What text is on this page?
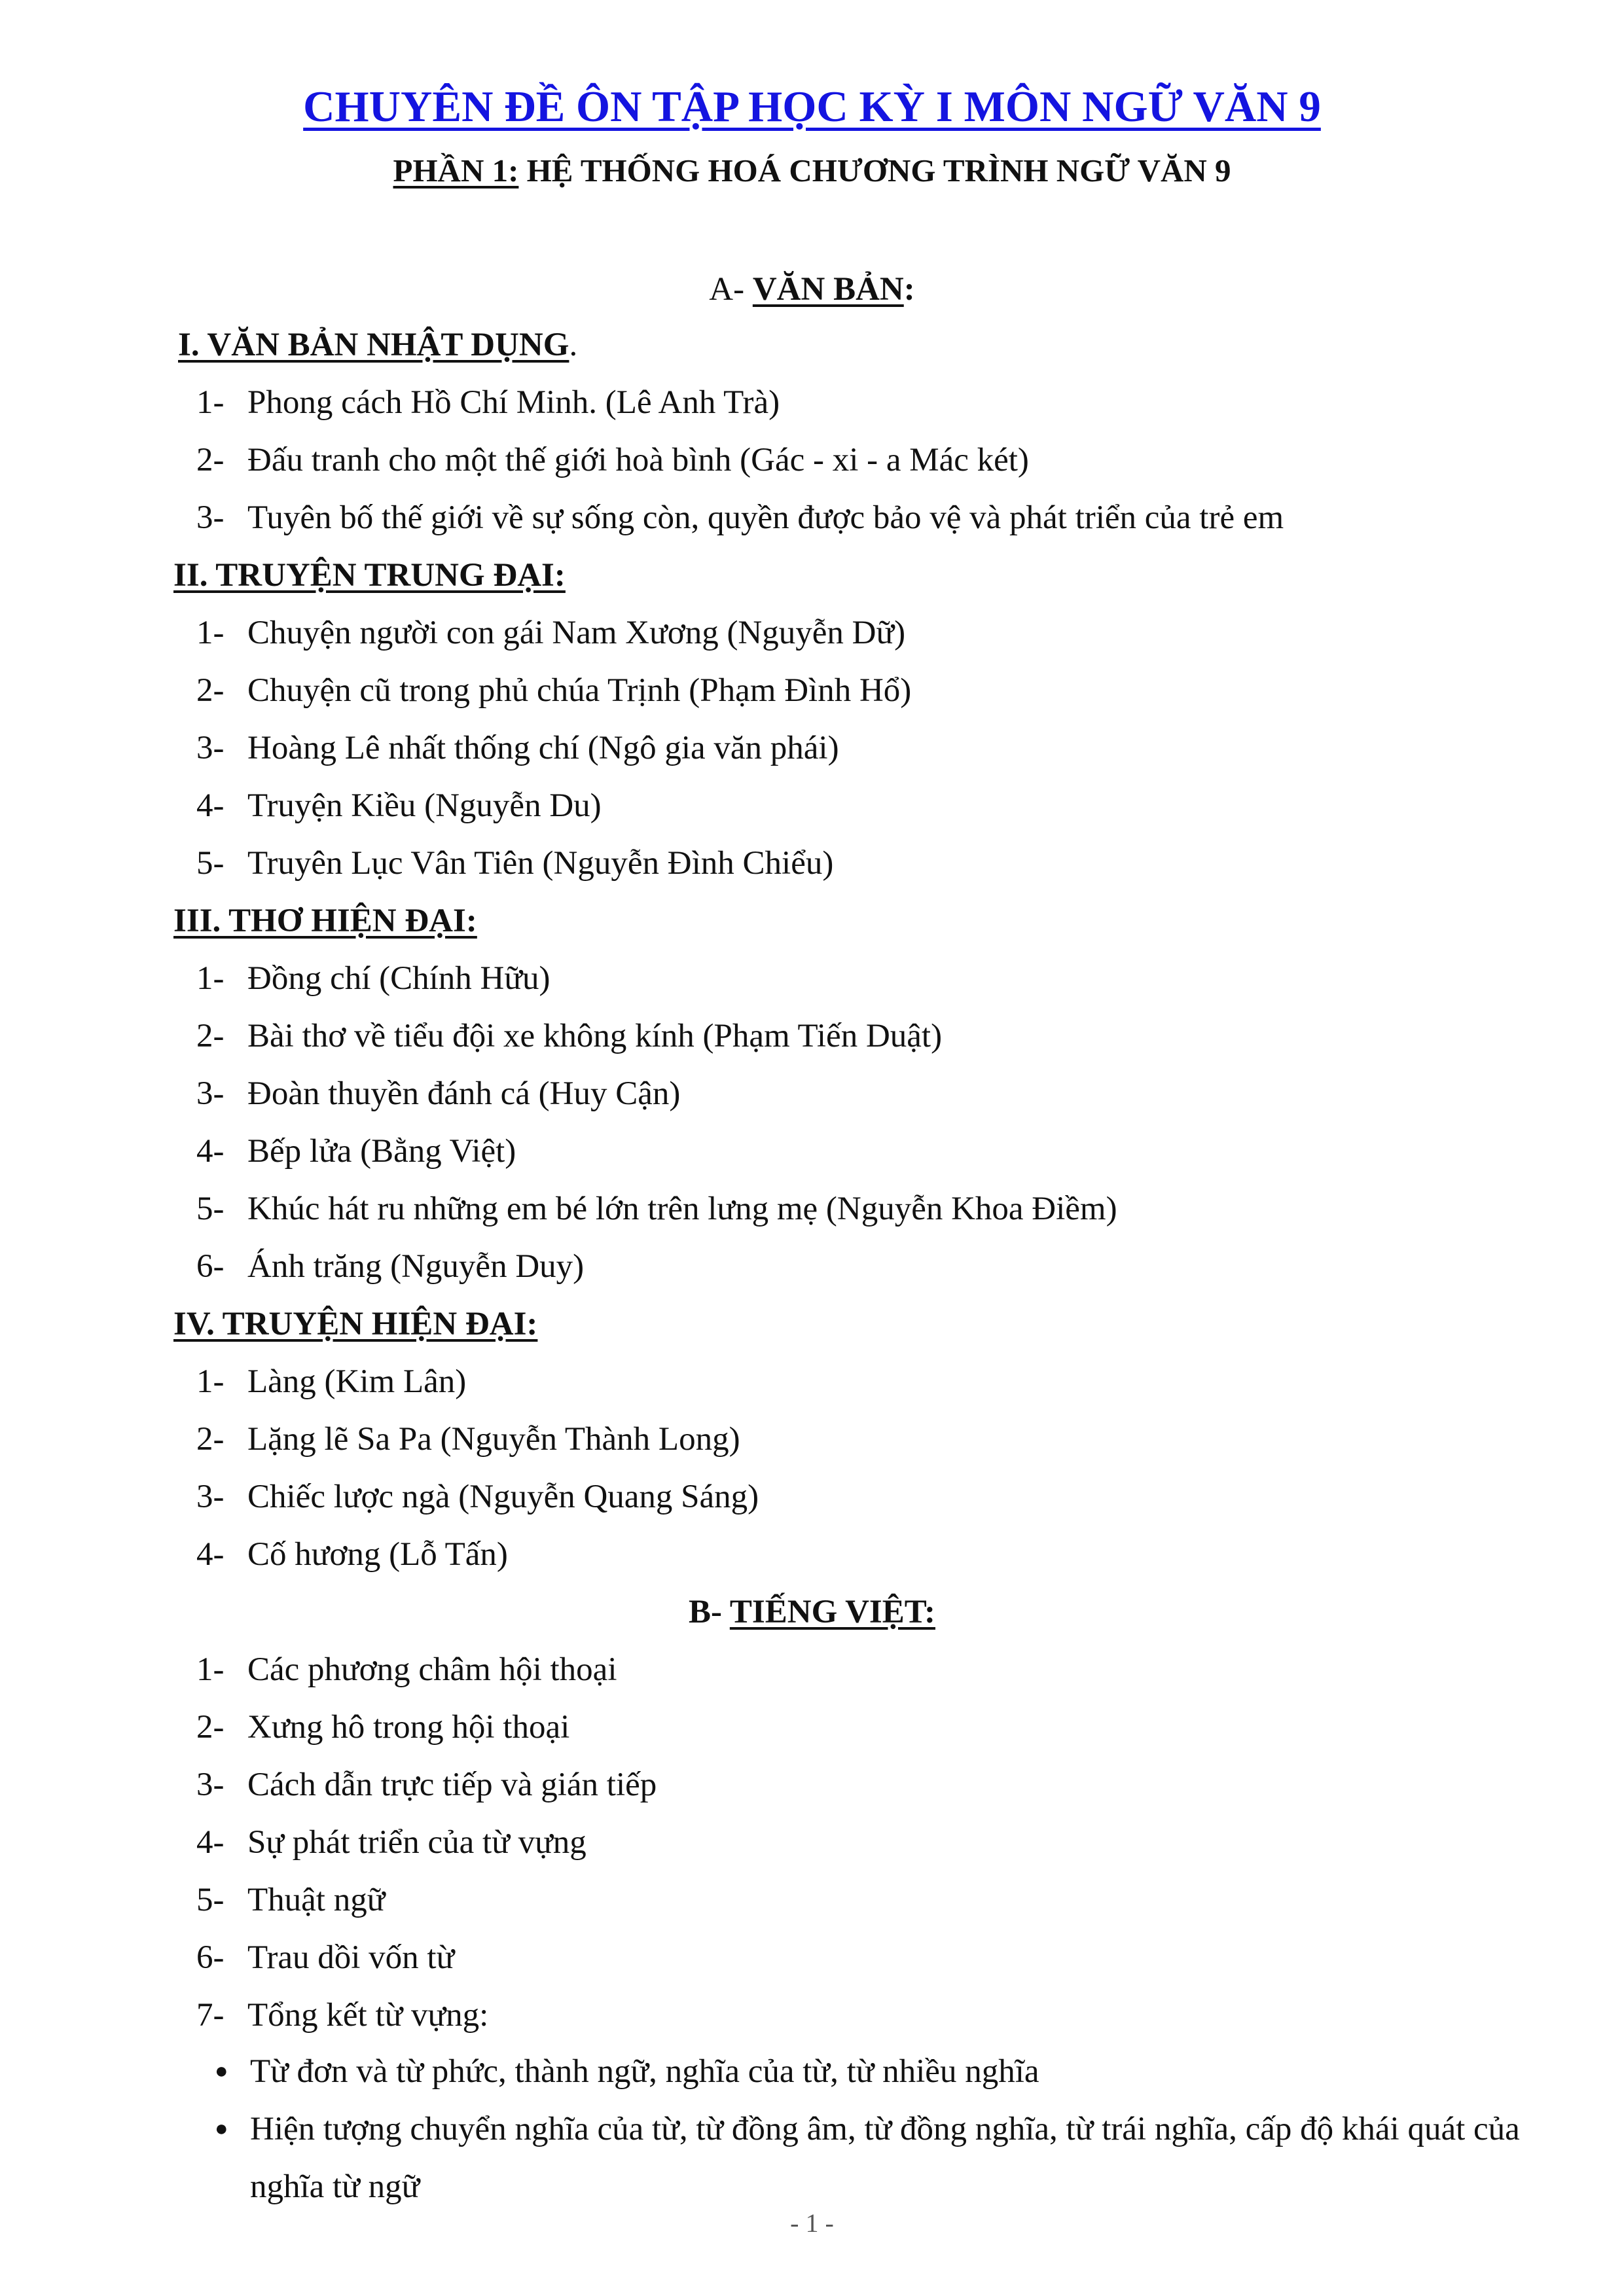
CHUYÊN ĐỀ ÔN TẬP HỌC KỲ I MÔN NGỮ VĂN 9
PHẦN 1: HỆ THỐNG HOÁ CHƯƠNG TRÌNH NGỮ VĂN 9
A- VĂN BẢN:
I. VĂN BẢN NHẬT DỤNG.
1- Phong cách Hồ Chí Minh. (Lê Anh Trà)
2- Đấu tranh cho một thế giới hoà bình (Gác - xi - a Mác két)
3- Tuyên bố thế giới về sự sống còn, quyền được bảo vệ và phát triển của trẻ em
II. TRUYỆN TRUNG ĐẠI:
1- Chuyện người con gái Nam Xương (Nguyễn Dữ)
2- Chuyện cũ trong phủ chúa Trịnh (Phạm Đình Hổ)
3- Hoàng Lê nhất thống chí (Ngô gia văn phái)
4- Truyện Kiều (Nguyễn Du)
5- Truyên Lục Vân Tiên (Nguyễn Đình Chiểu)
III. THƠ HIỆN ĐẠI:
1- Đồng chí (Chính Hữu)
2- Bài thơ về tiểu đội xe không kính (Phạm Tiến Duật)
3- Đoàn thuyền đánh cá (Huy Cận)
4- Bếp lửa (Bằng Việt)
5- Khúc hát ru những em bé lớn trên lưng mẹ (Nguyễn Khoa Điềm)
6- Ánh trăng (Nguyễn Duy)
IV. TRUYỆN HIỆN ĐẠI:
1- Làng (Kim Lân)
2- Lặng lẽ Sa Pa (Nguyễn Thành Long)
3- Chiếc lược ngà (Nguyễn Quang Sáng)
4- Cố hương (Lỗ Tấn)
B- TIẾNG VIỆT:
1- Các phương châm hội thoại
2- Xưng hô trong hội thoại
3- Cách dẫn trực tiếp và gián tiếp
4- Sự phát triển của từ vựng
5- Thuật ngữ
6- Trau dồi vốn từ
7- Tổng kết từ vựng:
● Từ đơn và từ phức, thành ngữ, nghĩa của từ, từ nhiều nghĩa
● Hiện tượng chuyển nghĩa của từ, từ đồng âm, từ đồng nghĩa, từ trái nghĩa, cấp độ khái quát của nghĩa từ ngữ
- 1 -
